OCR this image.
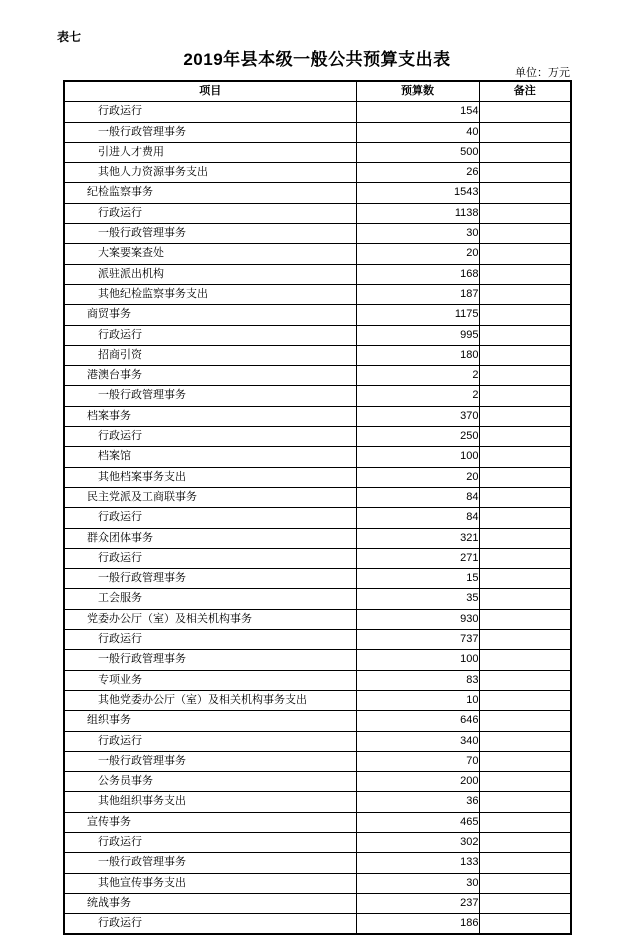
表七
2019年县本级一般公共预算支出表
单位：万元
项目	预算数	备注
行政运行	154	
一般行政管理事务	40	
引进人才费用	500	
其他人力资源事务支出	26	
纪检监察事务	1543	
行政运行	1138	
一般行政管理事务	30	
大案要案查处	20	
派驻派出机构	168	
其他纪检监察事务支出	187	
商贸事务	1175	
行政运行	995	
招商引资	180	
港澳台事务	2	
一般行政管理事务	2	
档案事务	370	
行政运行	250	
档案馆	100	
其他档案事务支出	20	
民主党派及工商联事务	84	
行政运行	84	
群众团体事务	321	
行政运行	271	
一般行政管理事务	15	
工会服务	35	
党委办公厅（室）及相关机构事务	930	
行政运行	737	
一般行政管理事务	100	
专项业务	83	
其他党委办公厅（室）及相关机构事务支出	10	
组织事务	646	
行政运行	340	
一般行政管理事务	70	
公务员事务	200	
其他组织事务支出	36	
宣传事务	465	
行政运行	302	
一般行政管理事务	133	
其他宣传事务支出	30	
统战事务	237	
行政运行	186	
